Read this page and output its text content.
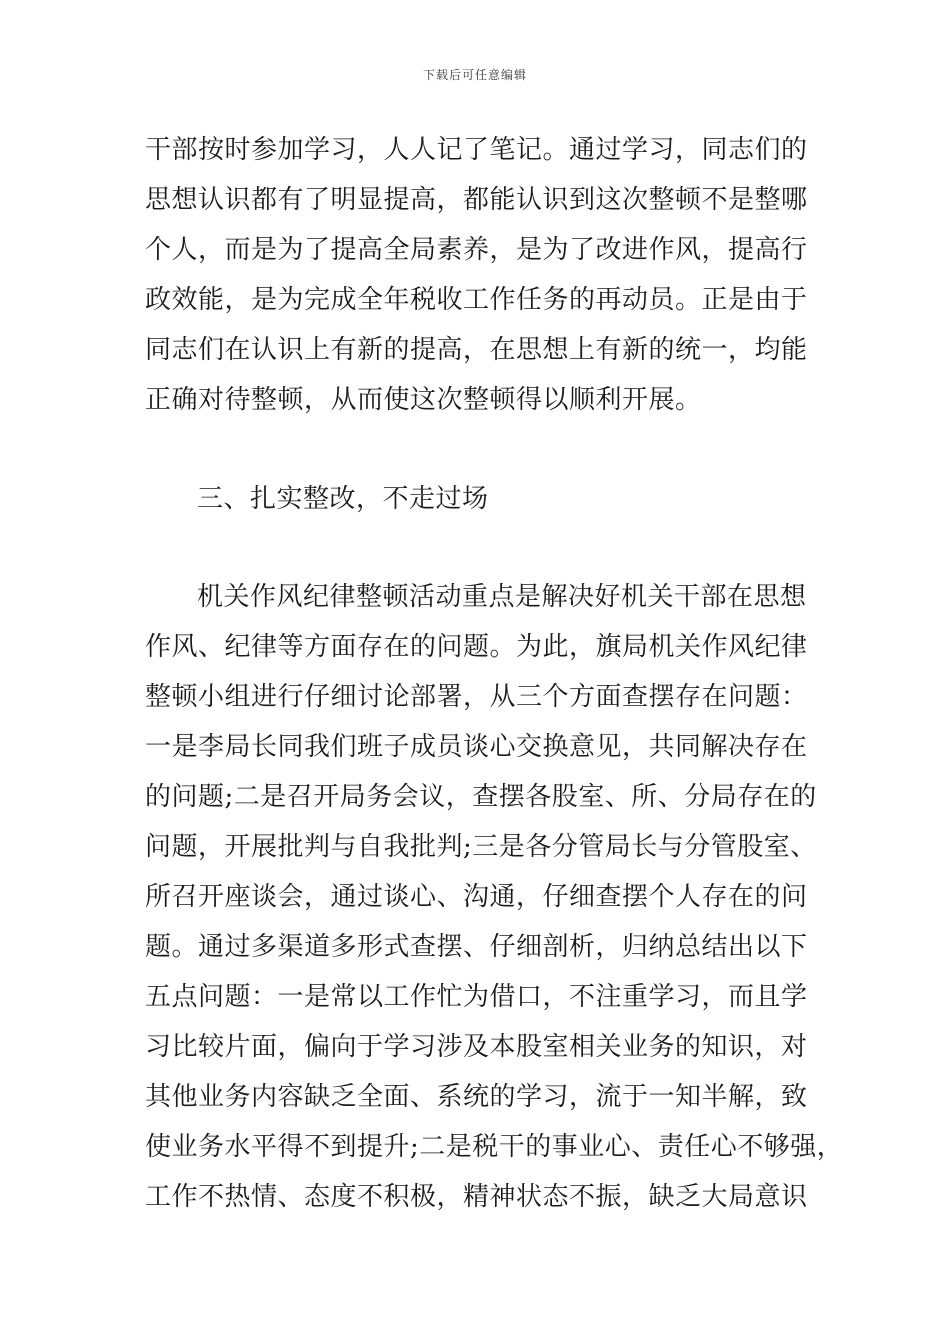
下载后可任意编辑
干部按时参加学习，人人记了笔记。通过学习，同志们的
思想认识都有了明显提高，都能认识到这次整顿不是整哪
个人，而是为了提高全局素养，是为了改进作风，提高行
政效能，是为完成全年税收工作任务的再动员。正是由于
同志们在认识上有新的提高，在思想上有新的统一，均能
正确对待整顿，从而使这次整顿得以顺利开展。
三、扎实整改，不走过场
机关作风纪律整顿活动重点是解决好机关干部在思想
作风、纪律等方面存在的问题。为此，旗局机关作风纪律
整顿小组进行仔细讨论部署，从三个方面查摆存在问题：
一是李局长同我们班子成员谈心交换意见，共同解决存在
的问题;二是召开局务会议，查摆各股室、所、分局存在的
问题，开展批判与自我批判;三是各分管局长与分管股室、
所召开座谈会，通过谈心、沟通，仔细查摆个人存在的问
题。通过多渠道多形式查摆、仔细剖析，归纳总结出以下
五点问题：一是常以工作忙为借口，不注重学习，而且学
习比较片面，偏向于学习涉及本股室相关业务的知识，对
其他业务内容缺乏全面、系统的学习，流于一知半解，致
使业务水平得不到提升;二是税干的事业心、责任心不够强，
工作不热情、态度不积极，精神状态不振，缺乏大局意识
